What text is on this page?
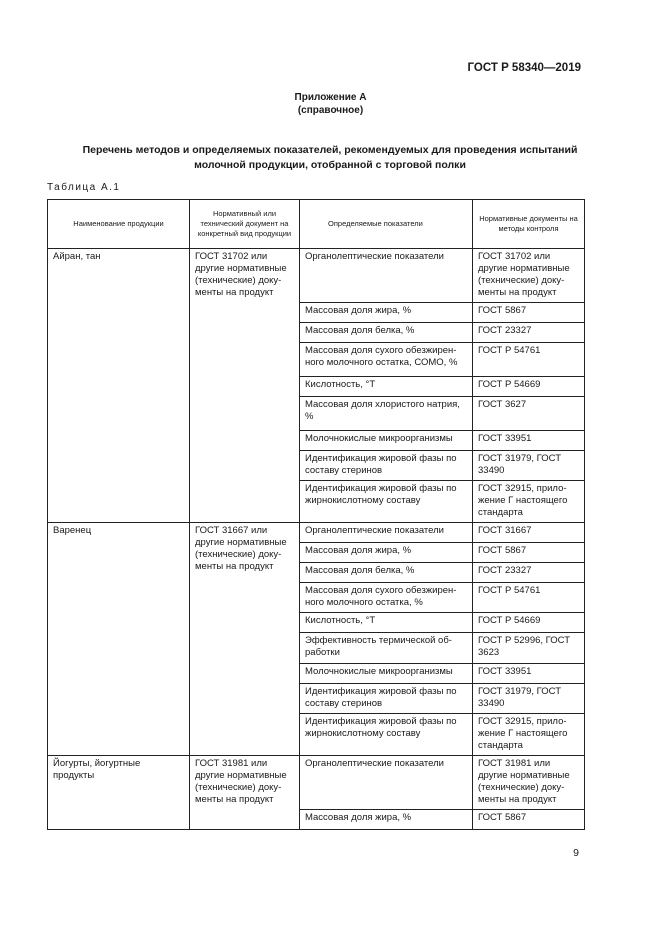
ГОСТ Р 58340—2019
Приложение А
(справочное)
Перечень методов и определяемых показателей, рекомендуемых для проведения испытаний
молочной продукции, отобранной с торговой полки
Таблица А.1
Наименование продукции	Нормативный или технический документ на конкретный вид продукции	Определяемые показатели	Нормативные документы на методы контроля
Айран, тан	ГОСТ 31702 или другие нормативные (технические) доку-менты на продукт	Органолептические показатели	ГОСТ 31702 или другие нормативные (технические) доку-менты на продукт
		Массовая доля жира, %	ГОСТ 5867
		Массовая доля белка, %	ГОСТ 23327
		Массовая доля сухого обезжирен-ного молочного остатка, СОМО, %	ГОСТ Р 54761
		Кислотность, °Т	ГОСТ Р 54669
		Массовая доля хлористого натрия, %	ГОСТ 3627
		Молочнокислые микроорганизмы	ГОСТ 33951
		Идентификация жировой фазы по составу стеринов	ГОСТ 31979, ГОСТ 33490
		Идентификация жировой фазы по жирнокислотному составу	ГОСТ 32915, прило-жение Г настоящего стандарта
Варенец	ГОСТ 31667 или другие нормативные (технические) доку-менты на продукт	Органолептические показатели	ГОСТ 31667
		Массовая доля жира, %	ГОСТ 5867
		Массовая доля белка, %	ГОСТ 23327
		Массовая доля сухого обезжирен-ного молочного остатка, %	ГОСТ Р 54761
		Кислотность, °Т	ГОСТ Р 54669
		Эффективность термической об-работки	ГОСТ Р 52996, ГОСТ 3623
		Молочнокислые микроорганизмы	ГОСТ 33951
		Идентификация жировой фазы по составу стеринов	ГОСТ 31979, ГОСТ 33490
		Идентификация жировой фазы по жирнокислотному составу	ГОСТ 32915, прило-жение Г настоящего стандарта
Йогурты, йогуртные продукты	ГОСТ 31981 или другие нормативные (технические) доку-менты на продукт	Органолептические показатели	ГОСТ 31981 или другие нормативные (технические) доку-менты на продукт
		Массовая доля жира, %	ГОСТ 5867
9
